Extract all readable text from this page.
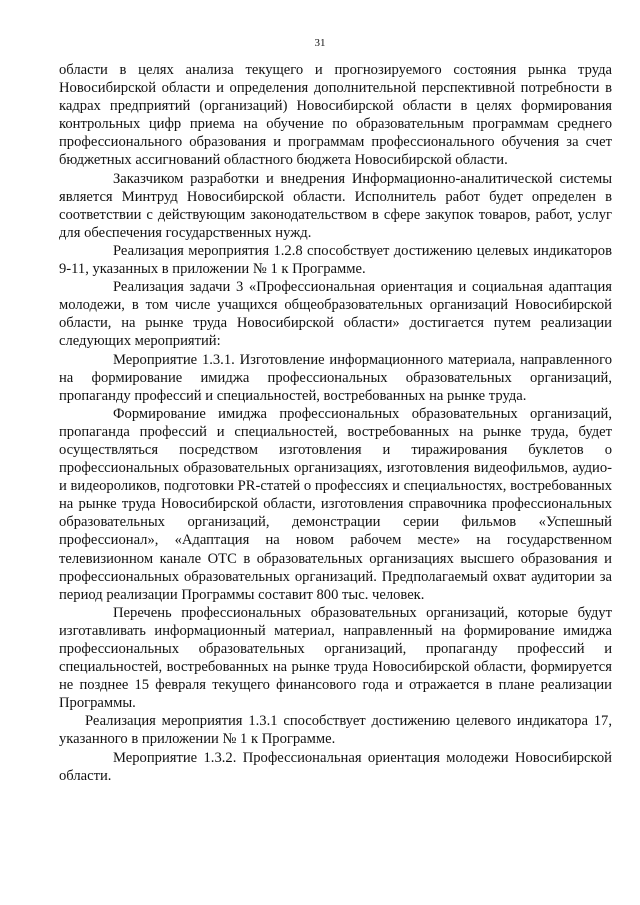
31

области в целях анализа текущего и прогнозируемого состояния рынка труда Новосибирской области и определения дополнительной перспективной потребности в кадрах предприятий (организаций) Новосибирской области в целях формирования контрольных цифр приема на обучение по образовательным программам среднего профессионального образования и программам профессионального обучения за счет бюджетных ассигнований областного бюджета Новосибирской области.

Заказчиком разработки и внедрения Информационно-аналитической системы является Минтруд Новосибирской области. Исполнитель работ будет определен в соответствии с действующим законодательством в сфере закупок товаров, работ, услуг для обеспечения государственных нужд.

Реализация мероприятия 1.2.8 способствует достижению целевых индикаторов 9-11, указанных в приложении № 1 к Программе.

Реализация задачи 3 «Профессиональная ориентация и социальная адаптация молодежи, в том числе учащихся общеобразовательных организаций Новосибирской области, на рынке труда Новосибирской области» достигается путем реализации следующих мероприятий:

Мероприятие 1.3.1. Изготовление информационного материала, направленного на формирование имиджа профессиональных образовательных организаций, пропаганду профессий и специальностей, востребованных на рынке труда.

Формирование имиджа профессиональных образовательных организаций, пропаганда профессий и специальностей, востребованных на рынке труда, будет осуществляться посредством изготовления и тиражирования буклетов о профессиональных образовательных организациях, изготовления видеофильмов, аудио- и видеороликов, подготовки PR-статей о профессиях и специальностях, востребованных на рынке труда Новосибирской области, изготовления справочника профессиональных образовательных организаций, демонстрации серии фильмов «Успешный профессионал», «Адаптация на новом рабочем месте» на государственном телевизионном канале ОТС в образовательных организациях высшего образования и профессиональных образовательных организаций. Предполагаемый охват аудитории за период реализации Программы составит 800 тыс. человек.

Перечень профессиональных образовательных организаций, которые будут изготавливать информационный материал, направленный на формирование имиджа профессиональных образовательных организаций, пропаганду профессий и специальностей, востребованных на рынке труда Новосибирской области, формируется не позднее 15 февраля текущего финансового года и отражается в плане реализации Программы.

Реализация мероприятия 1.3.1 способствует достижению целевого индикатора 17, указанного в приложении № 1 к Программе.

Мероприятие 1.3.2. Профессиональная ориентация молодежи Новосибирской области.
